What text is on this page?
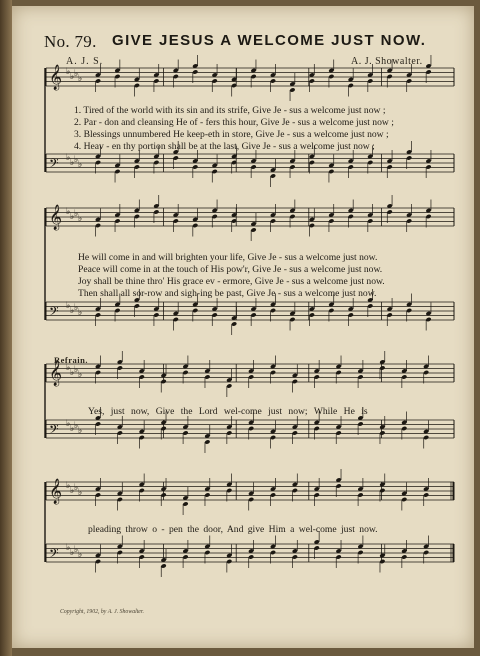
No. 79. GIVE JESUS A WELCOME JUST NOW.
A. J. S.	A. J. Showalter.
𝄞 ♭ ♭ ♭ ♭
𝄢 ♭ ♭ ♭ ♭
𝄞 ♭ ♭ ♭ ♭
𝄢 ♭ ♭ ♭ ♭
𝄞 ♭ ♭ ♭ ♭
𝄢 ♭ ♭ ♭ ♭
𝄞 ♭ ♭ ♭ ♭
𝄢 ♭ ♭ ♭ ♭
1. Tired of the world with its sin and its strife, Give Je - sus a welcome just now ;
2. Par - don and cleansing He of - fers this hour, Give Je - sus a welcome just now ;
3. Blessings unnumbered He keep-eth in store, Give Je - sus a welcome just now ;
4. Heav - en thy portion shall be at the last, Give Je - sus a welcome just now ;
He will come in and will brighten your life, Give Je - sus a welcome just now.
Peace will come in at the touch of His pow'r, Give Je - sus a welcome just now.
Joy shall be thine thro' His grace ev - ermore, Give Je - sus a welcome just now.
Then shall all sor-row and sigh-ing be past, Give Je - sus a welcome just now.
Refrain.
Yes, just now, Give the Lord wel-come just now; While He is
pleading throw o - pen the door, And give Him a wel-come just now.
Copyright, 1902, by A. J. Showalter.
